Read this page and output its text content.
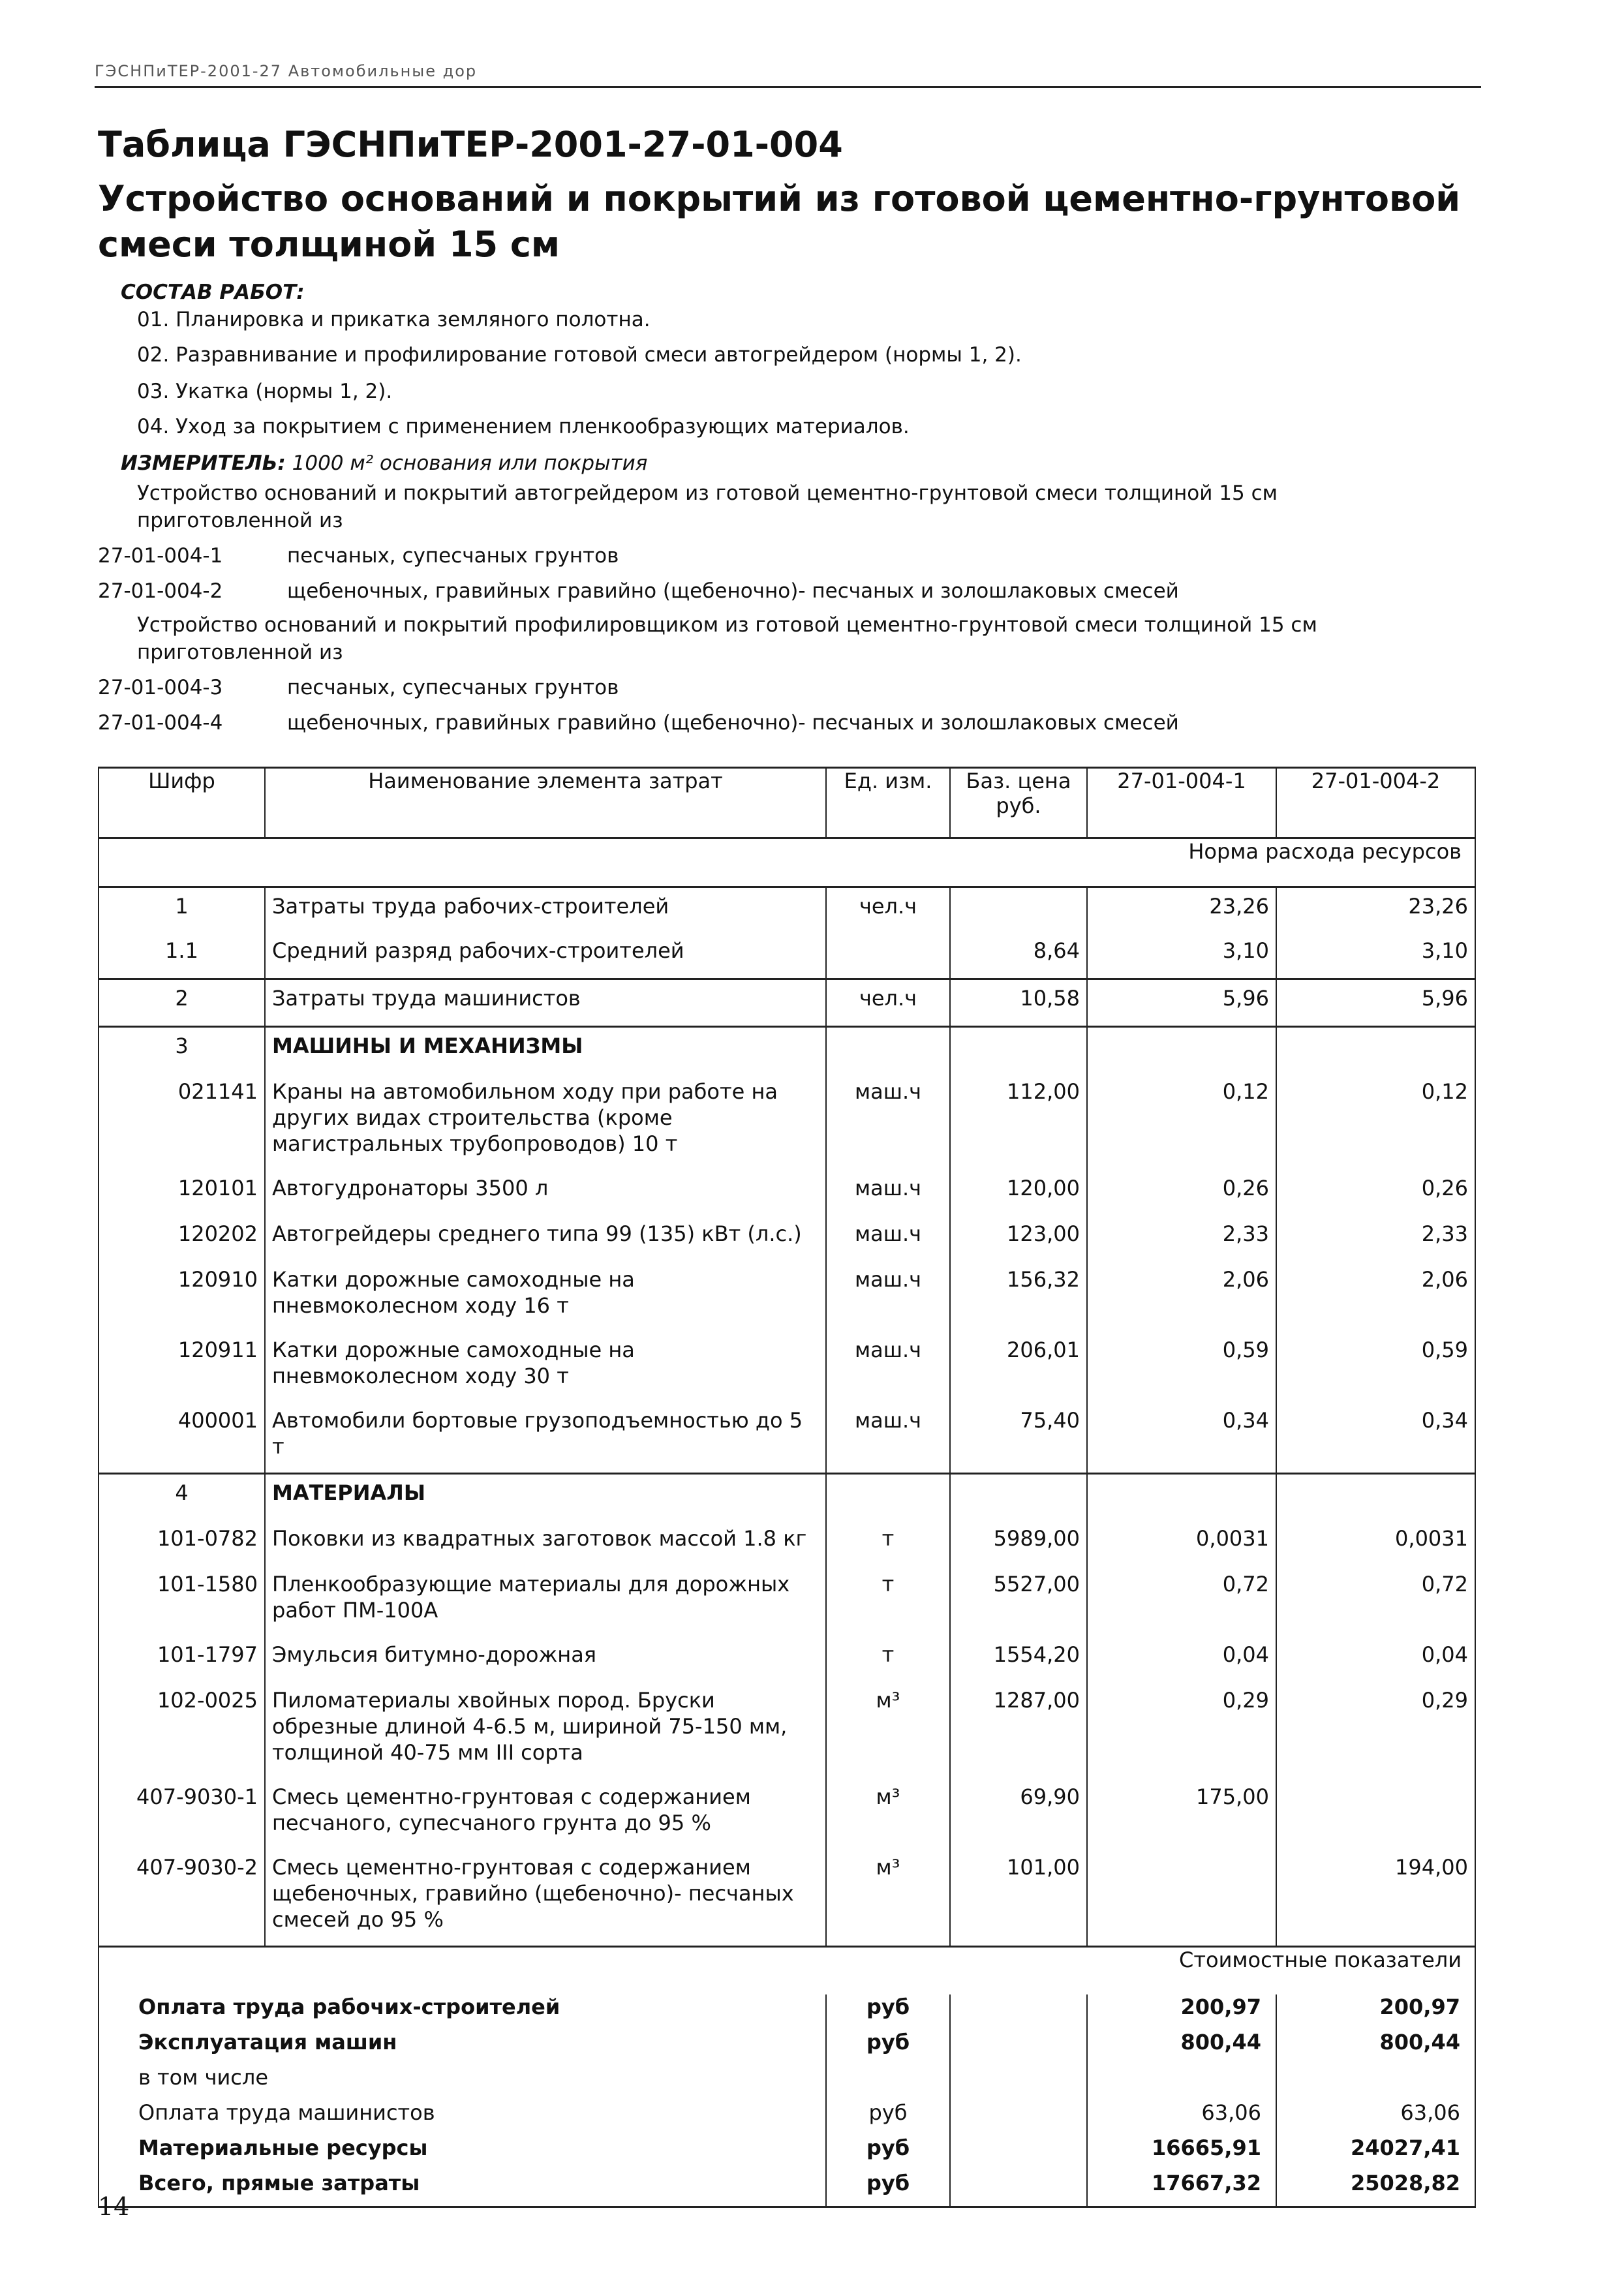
ГЭСНПиТЕР-2001-27 Автомобильные дор
Таблица ГЭСНПиТЕР-2001-27-01-004
Устройство оснований и покрытий из готовой цементно-грунтовой смеси толщиной 15 см
СОСТАВ РАБОТ:
01. Планировка и прикатка земляного полотна.
02. Разравнивание и профилирование готовой смеси автогрейдером (нормы 1, 2).
03. Укатка (нормы 1, 2).
04. Уход за покрытием с применением пленкообразующих материалов.
ИЗМЕРИТЕЛЬ: 1000 м² основания или покрытия
Устройство оснований и покрытий автогрейдером из готовой цементно-грунтовой смеси толщиной 15 см
приготовленной из
27-01-004-1	песчаных, супесчаных грунтов
27-01-004-2	щебеночных, гравийных гравийно (щебеночно)- песчаных и золошлаковых смесей
Устройство оснований и покрытий профилировщиком из готовой цементно-грунтовой смеси толщиной 15 см
приготовленной из
27-01-004-3	песчаных, супесчаных грунтов
27-01-004-4	щебеночных, гравийных гравийно (щебеночно)- песчаных и золошлаковых смесей
Шифр	Наименование элемента затрат	Ед. изм.	Баз. цена руб.	27-01-004-1	27-01-004-2
Норма расхода ресурсов					
1	Затраты труда рабочих-строителей	чел.ч		23,26	23,26
1.1	Средний разряд рабочих-строителей		8,64	3,10	3,10
2	Затраты труда машинистов	чел.ч	10,58	5,96	5,96
3	МАШИНЫ И МЕХАНИЗМЫ				
021141	Краны на автомобильном ходу при работе на других видах строительства (кроме магистральных трубопроводов) 10 т	маш.ч	112,00	0,12	0,12
120101	Автогудронаторы 3500 л	маш.ч	120,00	0,26	0,26
120202	Автогрейдеры среднего типа 99 (135) кВт (л.с.)	маш.ч	123,00	2,33	2,33
120910	Катки дорожные самоходные на пневмоколесном ходу 16 т	маш.ч	156,32	2,06	2,06
120911	Катки дорожные самоходные на пневмоколесном ходу 30 т	маш.ч	206,01	0,59	0,59
400001	Автомобили бортовые грузоподъемностью до 5 т	маш.ч	75,40	0,34	0,34
4	МАТЕРИАЛЫ				
101-0782	Поковки из квадратных заготовок массой 1.8 кг	т	5989,00	0,0031	0,0031
101-1580	Пленкообразующие материалы для дорожных работ ПМ-100А	т	5527,00	0,72	0,72
101-1797	Эмульсия битумно-дорожная	т	1554,20	0,04	0,04
102-0025	Пиломатериалы хвойных пород. Бруски обрезные длиной 4-6.5 м, шириной 75-150 мм, толщиной 40-75 мм III сорта	м³	1287,00	0,29	0,29
407-9030-1	Смесь цементно-грунтовая с содержанием песчаного, супесчаного грунта до 95 %	м³	69,90	175,00	
407-9030-2	Смесь цементно-грунтовая с содержанием щебеночных, гравийно (щебеночно)- песчаных смесей до 95 %	м³	101,00		194,00
Стоимостные показатели					
Оплата труда рабочих-строителей		руб		200,97	200,97
Эксплуатация машин		руб		800,44	800,44
в том числе					
Оплата труда машинистов		руб		63,06	63,06
Материальные ресурсы		руб		16665,91	24027,41
Всего, прямые затраты		руб		17667,32	25028,82
14
